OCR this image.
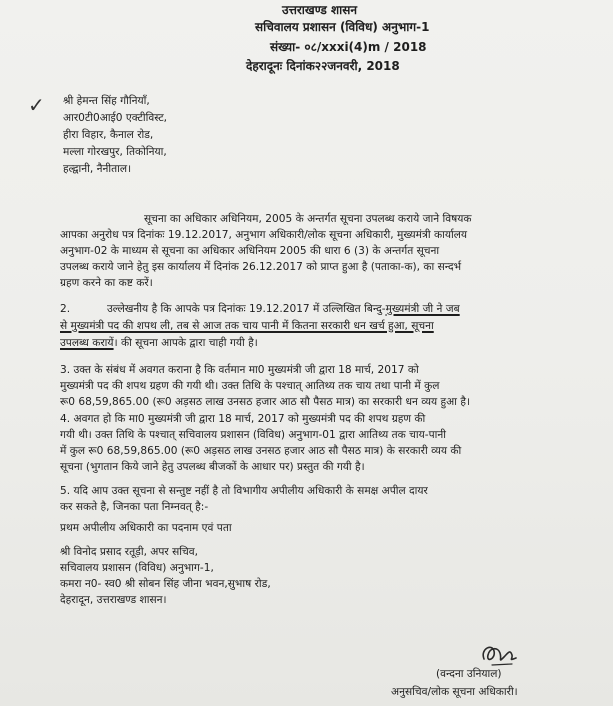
उत्तराखण्ड शासन
सचिवालय प्रशासन (विविध) अनुभाग-1
संख्या- ०८/xxxi(4)m / 2018
देहरादूनः दिनांक२२जनवरी, 2018
✓ श्री हेमन्त सिंह गौनियाँ,
आर0टी0आई0 एक्टीविस्ट,
हीरा विहार, कैनाल रोड,
मल्ला गोरखपुर, तिकोनिया,
हल्द्वानी, नैनीताल।
सूचना का अधिकार अधिनियम, 2005 के अन्तर्गत सूचना उपलब्ध कराये जाने विषयक
आपका अनुरोध पत्र दिनांकः 19.12.2017, अनुभाग अधिकारी/लोक सूचना अधिकारी, मुख्यमंत्री कार्यालय
अनुभाग-02 के माध्यम से सूचना का अधिकार अधिनियम 2005 की धारा 6 (3) के अन्तर्गत सूचना
उपलब्ध कराये जाने हेतु इस कार्यालय में दिनांक 26.12.2017 को प्राप्त हुआ है (पताका-क), का सन्दर्भ
ग्रहण करने का कष्ट करें।
2.	उल्लेखनीय है कि आपके पत्र दिनांकः 19.12.2017 में उल्लिखित बिन्दु-मुख्यमंत्री जी ने जब
से मुख्यमंत्री पद की शपथ ली, तब से आज तक चाय पानी में कितना सरकारी धन खर्च हुआ, सूचना
उपलब्ध करायें। की सूचना आपके द्वारा चाही गयी है।
3. उक्त के संबंध में अवगत कराना है कि वर्तमान मा0 मुख्यमंत्री जी द्वारा 18 मार्च, 2017 को
मुख्यमंत्री पद की शपथ ग्रहण की गयी थी। उक्त तिथि के पश्चात् आतिथ्य तक चाय तथा पानी में कुल
रू0 68,59,865.00 (रू0 अड़सठ लाख उनसठ हजार आठ सौ पैसठ मात्र) का सरकारी धन व्यय हुआ है।
4. अवगत हो कि मा0 मुख्यमंत्री जी द्वारा 18 मार्च, 2017 को मुख्यमंत्री पद की शपथ ग्रहण की
गयी थी। उक्त तिथि के पश्चात् सचिवालय प्रशासन (विविध) अनुभाग-01 द्वारा आतिथ्य तक चाय-पानी
में कुल रू0 68,59,865.00 (रू0 अड़सठ लाख उनसठ हजार आठ सौ पैसठ मात्र) के सरकारी व्यय की
सूचना (भुगतान किये जाने हेतु उपलब्ध बीजकों के आधार पर) प्रस्तुत की गयी है।
5. यदि आप उक्त सूचना से सन्तुष्ट नहीं है तो विभागीय अपीलीय अधिकारी के समक्ष अपील दायर
कर सकते है, जिनका पता निम्नवत् है:-
प्रथम अपीलीय अधिकारी का पदनाम एवं पता
श्री विनोद प्रसाद रतूड़ी, अपर सचिव,
सचिवालय प्रशासन (विविध) अनुभाग-1,
कमरा न0- स्व0 श्री सोबन सिंह जीना भवन,सुभाष रोड,
देहरादून, उत्तराखण्ड शासन।
(वन्दना उनियाल)
अनुसचिव/लोक सूचना अधिकारी।
